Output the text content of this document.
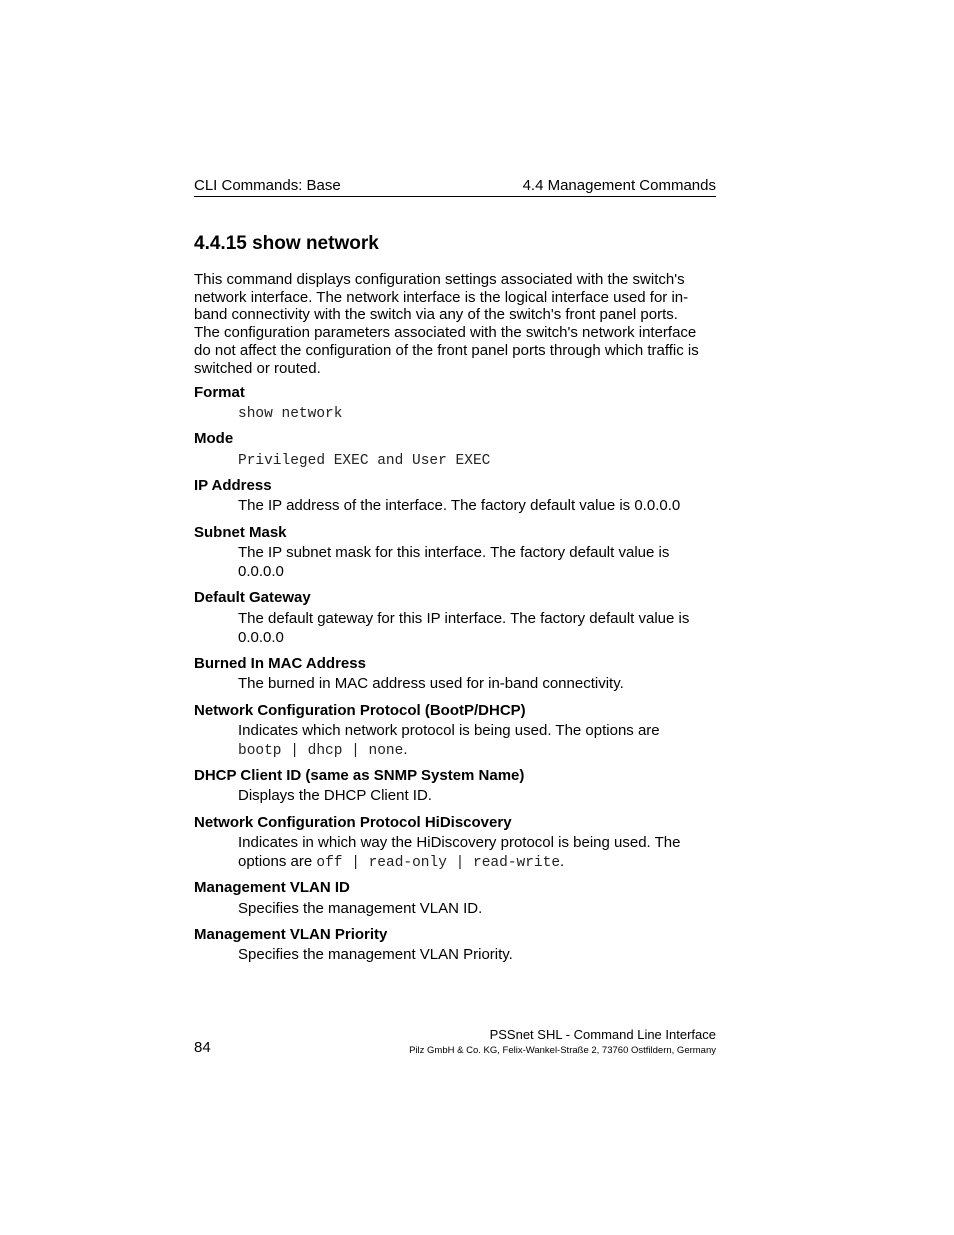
CLI Commands: Base	4.4 Management Commands
4.4.15 show network

This command displays configuration settings associated with the switch's

network interface. The network interface is the logical interface used for in-

band connectivity with the switch via any of the switch's front panel ports.

The configuration parameters associated with the switch's network interface

do not affect the configuration of the front panel ports through which traffic is

switched or routed.

Format
show network
Mode
Privileged EXEC and User EXEC
IP Address
The IP address of the interface. The factory default value is 0.0.0.0
Subnet Mask
The IP subnet mask for this interface. The factory default value is
0.0.0.0
Default Gateway
The default gateway for this IP interface. The factory default value is
0.0.0.0
Burned In MAC Address
The burned in MAC address used for in-band connectivity.
Network Configuration Protocol (BootP/DHCP)
Indicates which network protocol is being used. The options are
bootp | dhcp | none.
DHCP Client ID (same as SNMP System Name)
Displays the DHCP Client ID.
Network Configuration Protocol HiDiscovery
Indicates in which way the HiDiscovery protocol is being used. The
options are off | read-only | read-write.
Management VLAN ID
Specifies the management VLAN ID.
Management VLAN Priority
Specifies the management VLAN Priority.
84
PSSnet SHL - Command Line Interface
Pilz GmbH & Co. KG, Felix-Wankel-Straße 2, 73760 Ostfildern, Germany
